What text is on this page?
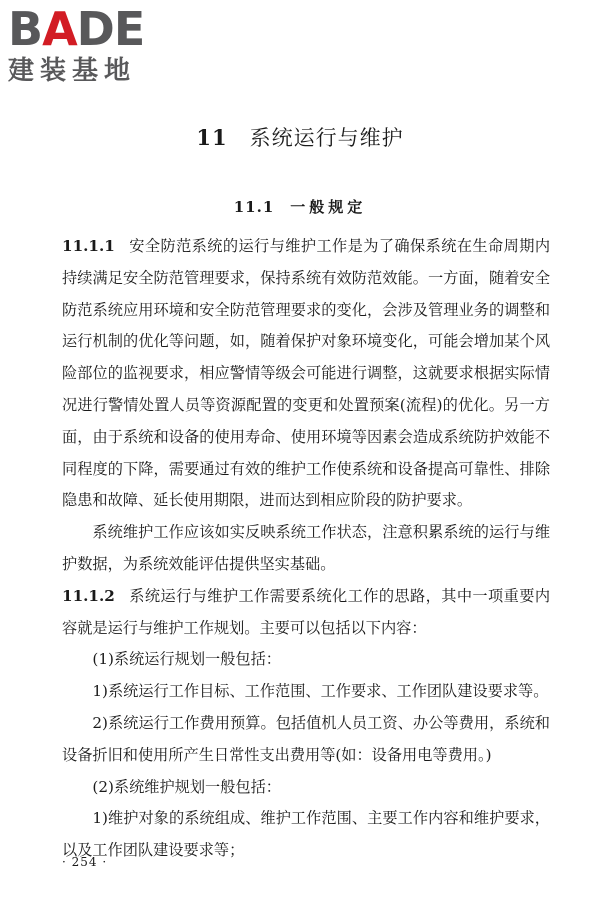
BADE
建装基地
11 系统运行与维护
11.1 一般规定

11.1.1 安全防范系统的运行与维护工作是为了确保系统在生命周期内持续满足安全防范管理要求，保持系统有效防范效能。一方面，随着安全防范系统应用环境和安全防范管理要求的变化，会涉及管理业务的调整和运行机制的优化等问题，如，随着保护对象环境变化，可能会增加某个风险部位的监视要求，相应警情等级会可能进行调整，这就要求根据实际情况进行警情处置人员等资源配置的变更和处置预案(流程)的优化。另一方面，由于系统和设备的使用寿命、使用环境等因素会造成系统防护效能不同程度的下降，需要通过有效的维护工作使系统和设备提高可靠性、排除隐患和故障、延长使用期限，进而达到相应阶段的防护要求。

系统维护工作应该如实反映系统工作状态，注意积累系统的运行与维护数据，为系统效能评估提供坚实基础。

11.1.2 系统运行与维护工作需要系统化工作的思路，其中一项重要内容就是运行与维护工作规划。主要可以包括以下内容：

(1)系统运行规划一般包括：

1)系统运行工作目标、工作范围、工作要求、工作团队建设要求等。

2)系统运行工作费用预算。包括值机人员工资、办公等费用，系统和设备折旧和使用所产生日常性支出费用等(如：设备用电等费用。)

(2)系统维护规划一般包括：

1)维护对象的系统组成、维护工作范围、主要工作内容和维护要求，以及工作团队建设要求等；

· 254 ·
